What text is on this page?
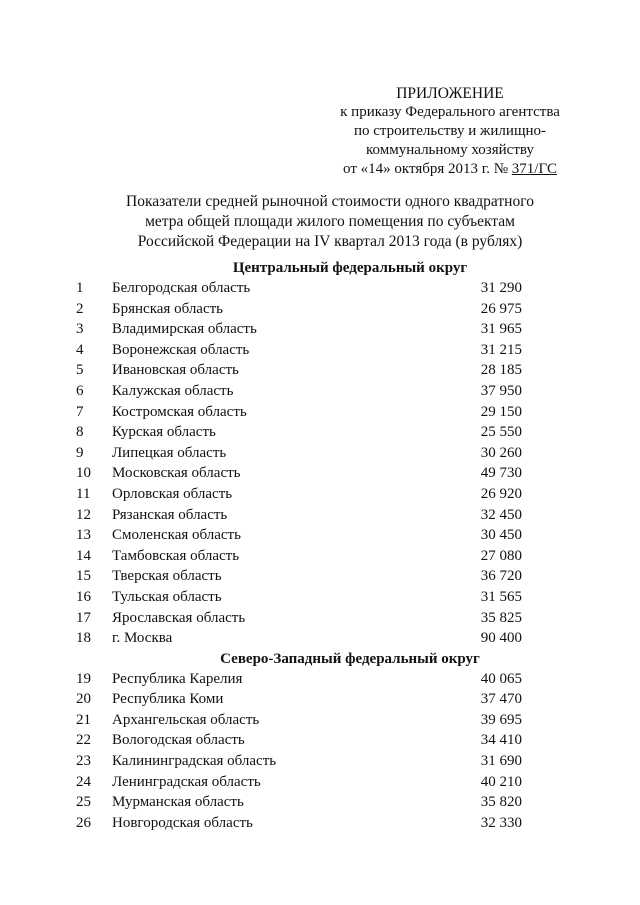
ПРИЛОЖЕНИЕ
к приказу Федерального агентства
по строительству и жилищно-
коммунальному хозяйству
от «14» октября 2013 г. № 371/ГС
Показатели средней рыночной стоимости одного квадратного
метра общей площади жилого помещения по субъектам
Российской Федерации на IV квартал 2013 года (в рублях)
Центральный федеральный округ
1 Белгородская область	31 290
2 Брянская область	26 975
3 Владимирская область	31 965
4 Воронежская область	31 215
5 Ивановская область	28 185
6 Калужская область	37 950
7 Костромская область	29 150
8 Курская область	25 550
9 Липецкая область	30 260
10 Московская область	49 730
11 Орловская область	26 920
12 Рязанская область	32 450
13 Смоленская область	30 450
14 Тамбовская область	27 080
15 Тверская область	36 720
16 Тульская область	31 565
17 Ярославская область	35 825
18 г. Москва	90 400
Северо-Западный федеральный округ
19 Республика Карелия	40 065
20 Республика Коми	37 470
21 Архангельская область	39 695
22 Вологодская область	34 410
23 Калининградская область	31 690
24 Ленинградская область	40 210
25 Мурманская область	35 820
26 Новгородская область	32 330
